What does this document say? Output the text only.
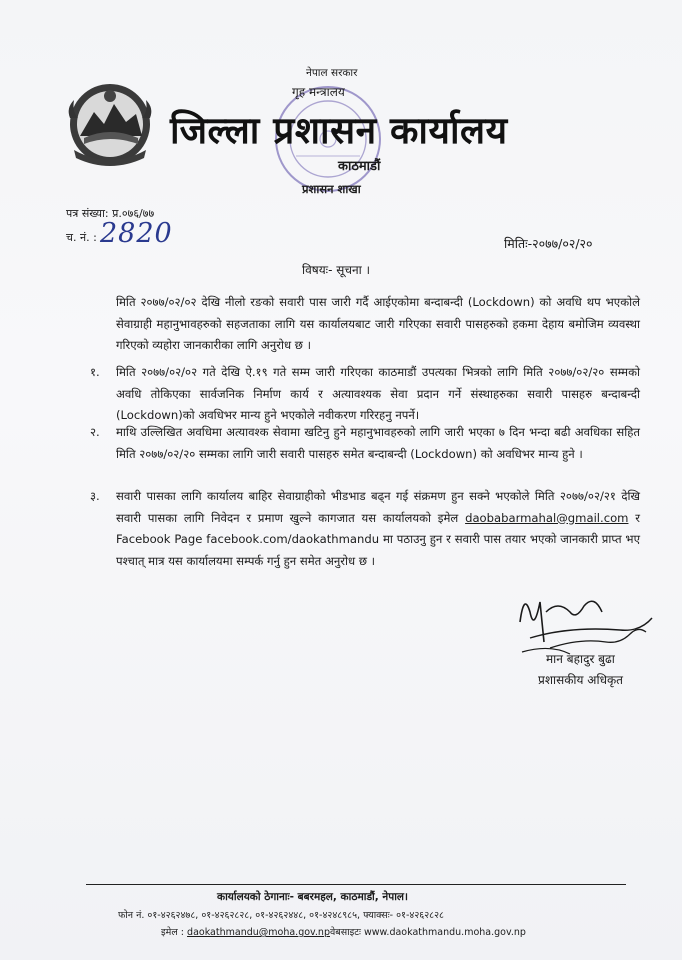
नेपाल सरकार
गृह मन्त्रालय
जिल्ला प्रशासन कार्यालय
काठमाडौं
प्रशासन शाखा
पत्र संख्या: प्र.०७६/७७
च. नं. : 2820	मितिः-२०७७/०२/२०
विषयः- सूचना ।
मिति २०७७/०२/०२ देखि नीलो रङको सवारी पास जारी गर्दै आईएकोमा बन्दाबन्दी (Lockdown) को अवधि थप भएकोले सेवाग्राही महानुभावहरुको सहजताका लागि यस कार्यालयबाट जारी गरिएका सवारी पासहरुको हकमा देहाय बमोजिम व्यवस्था गरिएको व्यहोरा जानकारीका लागि अनुरोध छ ।
१. मिति २०७७/०२/०२ गते देखि ऐ.१९ गते सम्म जारी गरिएका काठमाडौं उपत्यका भित्रको लागि मिति २०७७/०२/२० सम्मको अवधि तोकिएका सार्वजनिक निर्माण कार्य र अत्यावश्यक सेवा प्रदान गर्ने संस्थाहरुका सवारी पासहरु बन्दाबन्दी (Lockdown)को अवधिभर मान्य हुने भएकोले नवीकरण गरिरहनु नपर्ने।
२. माथि उल्लिखित अवधिमा अत्यावश्क सेवामा खटिनु हुने महानुभावहरुको लागि जारी भएका ७ दिन भन्दा बढी अवधिका सहित मिति २०७७/०२/२० सम्मका लागि जारी सवारी पासहरु समेत बन्दाबन्दी (Lockdown) को अवधिभर मान्य हुने ।
३. सवारी पासका लागि कार्यालय बाहिर सेवाग्राहीको भीडभाड बढ्न गई संक्रमण हुन सक्ने भएकोले मिति २०७७/०२/२१ देखि सवारी पासका लागि निवेदन र प्रमाण खुल्ने कागजात यस कार्यालयको इमेल daobabarmahal@gmail.com र Facebook Page facebook.com/daokathmandu मा पठाउनु हुन र सवारी पास तयार भएको जानकारी प्राप्त भए पश्चात् मात्र यस कार्यालयमा सम्पर्क गर्नु हुन समेत अनुरोध छ ।
मान बहादुर बुढा
प्रशासकीय अधिकृत
कार्यालयको ठेगानाः- बबरमहल, काठमाडौं, नेपाल।
फोन नं. ०१-४२६२४७८, ०१-४२६२८२८, ०१-४२६२४४८, ०१-४२४८९८५, फ्याक्सः- ०१-४२६२८२८
इमेल : daokathmandu@moha.gov.npवेबसाइटः www.daokathmandu.moha.gov.np
